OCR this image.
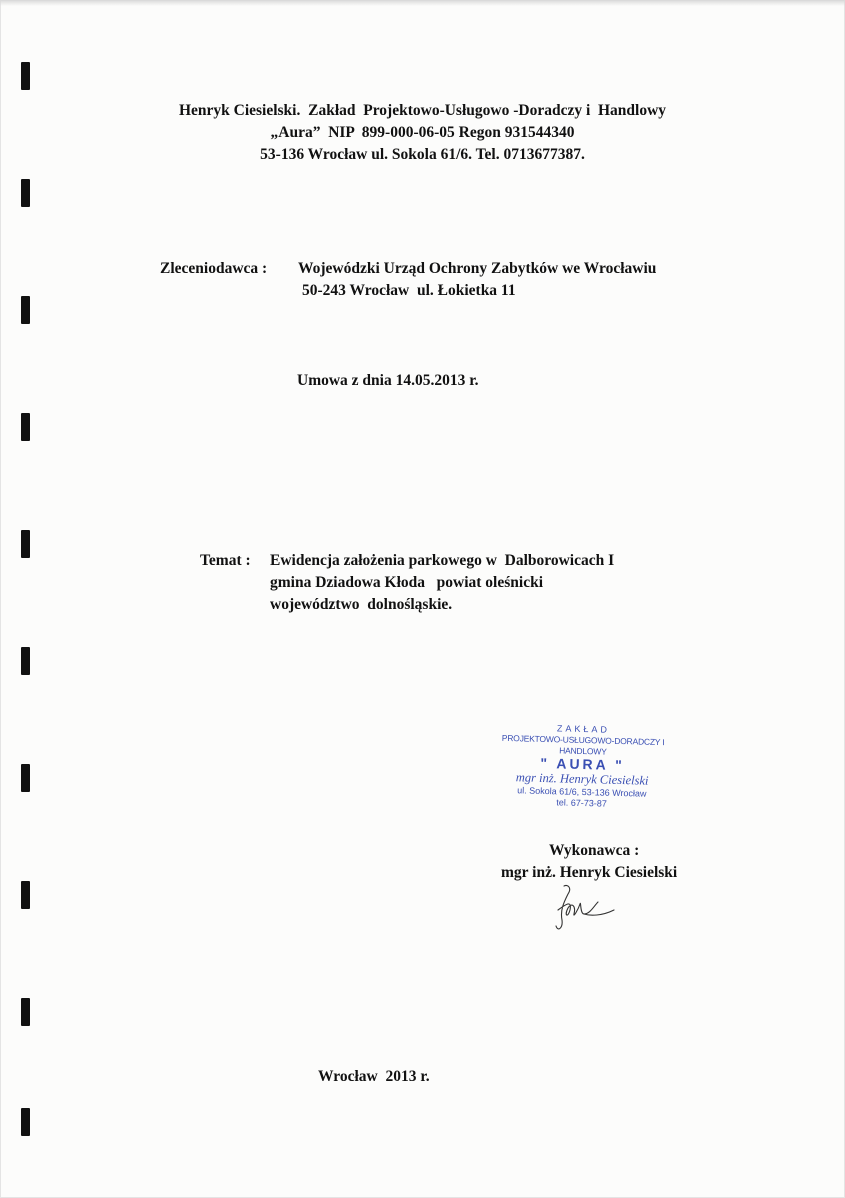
Henryk Ciesielski.  Zakład  Projektowo-Usługowo -Doradczy i  Handlowy
„Aura”  NIP  899-000-06-05 Regon 931544340
53-136 Wrocław ul. Sokola 61/6. Tel. 0713677387.
Zleceniodawca : Wojewódzki Urząd Ochrony Zabytków we Wrocławiu
50-243 Wrocław  ul. Łokietka 11
Umowa z dnia 14.05.2013 r.
Temat : Ewidencja założenia parkowego w  Dalborowicach I
gmina Dziadowa Kłoda   powiat oleśnicki
województwo  dolnośląskie.
ZAKŁAD
PROJEKTOWO-USŁUGOWO-DORADCZY I HANDLOWY
" AURA "
mgr inż. Henryk Ciesielski
ul. Sokola 61/6, 53-136 Wrocław
tel. 67-73-87
Wykonawca :
mgr inż. Henryk Ciesielski
Wrocław  2013 r.
